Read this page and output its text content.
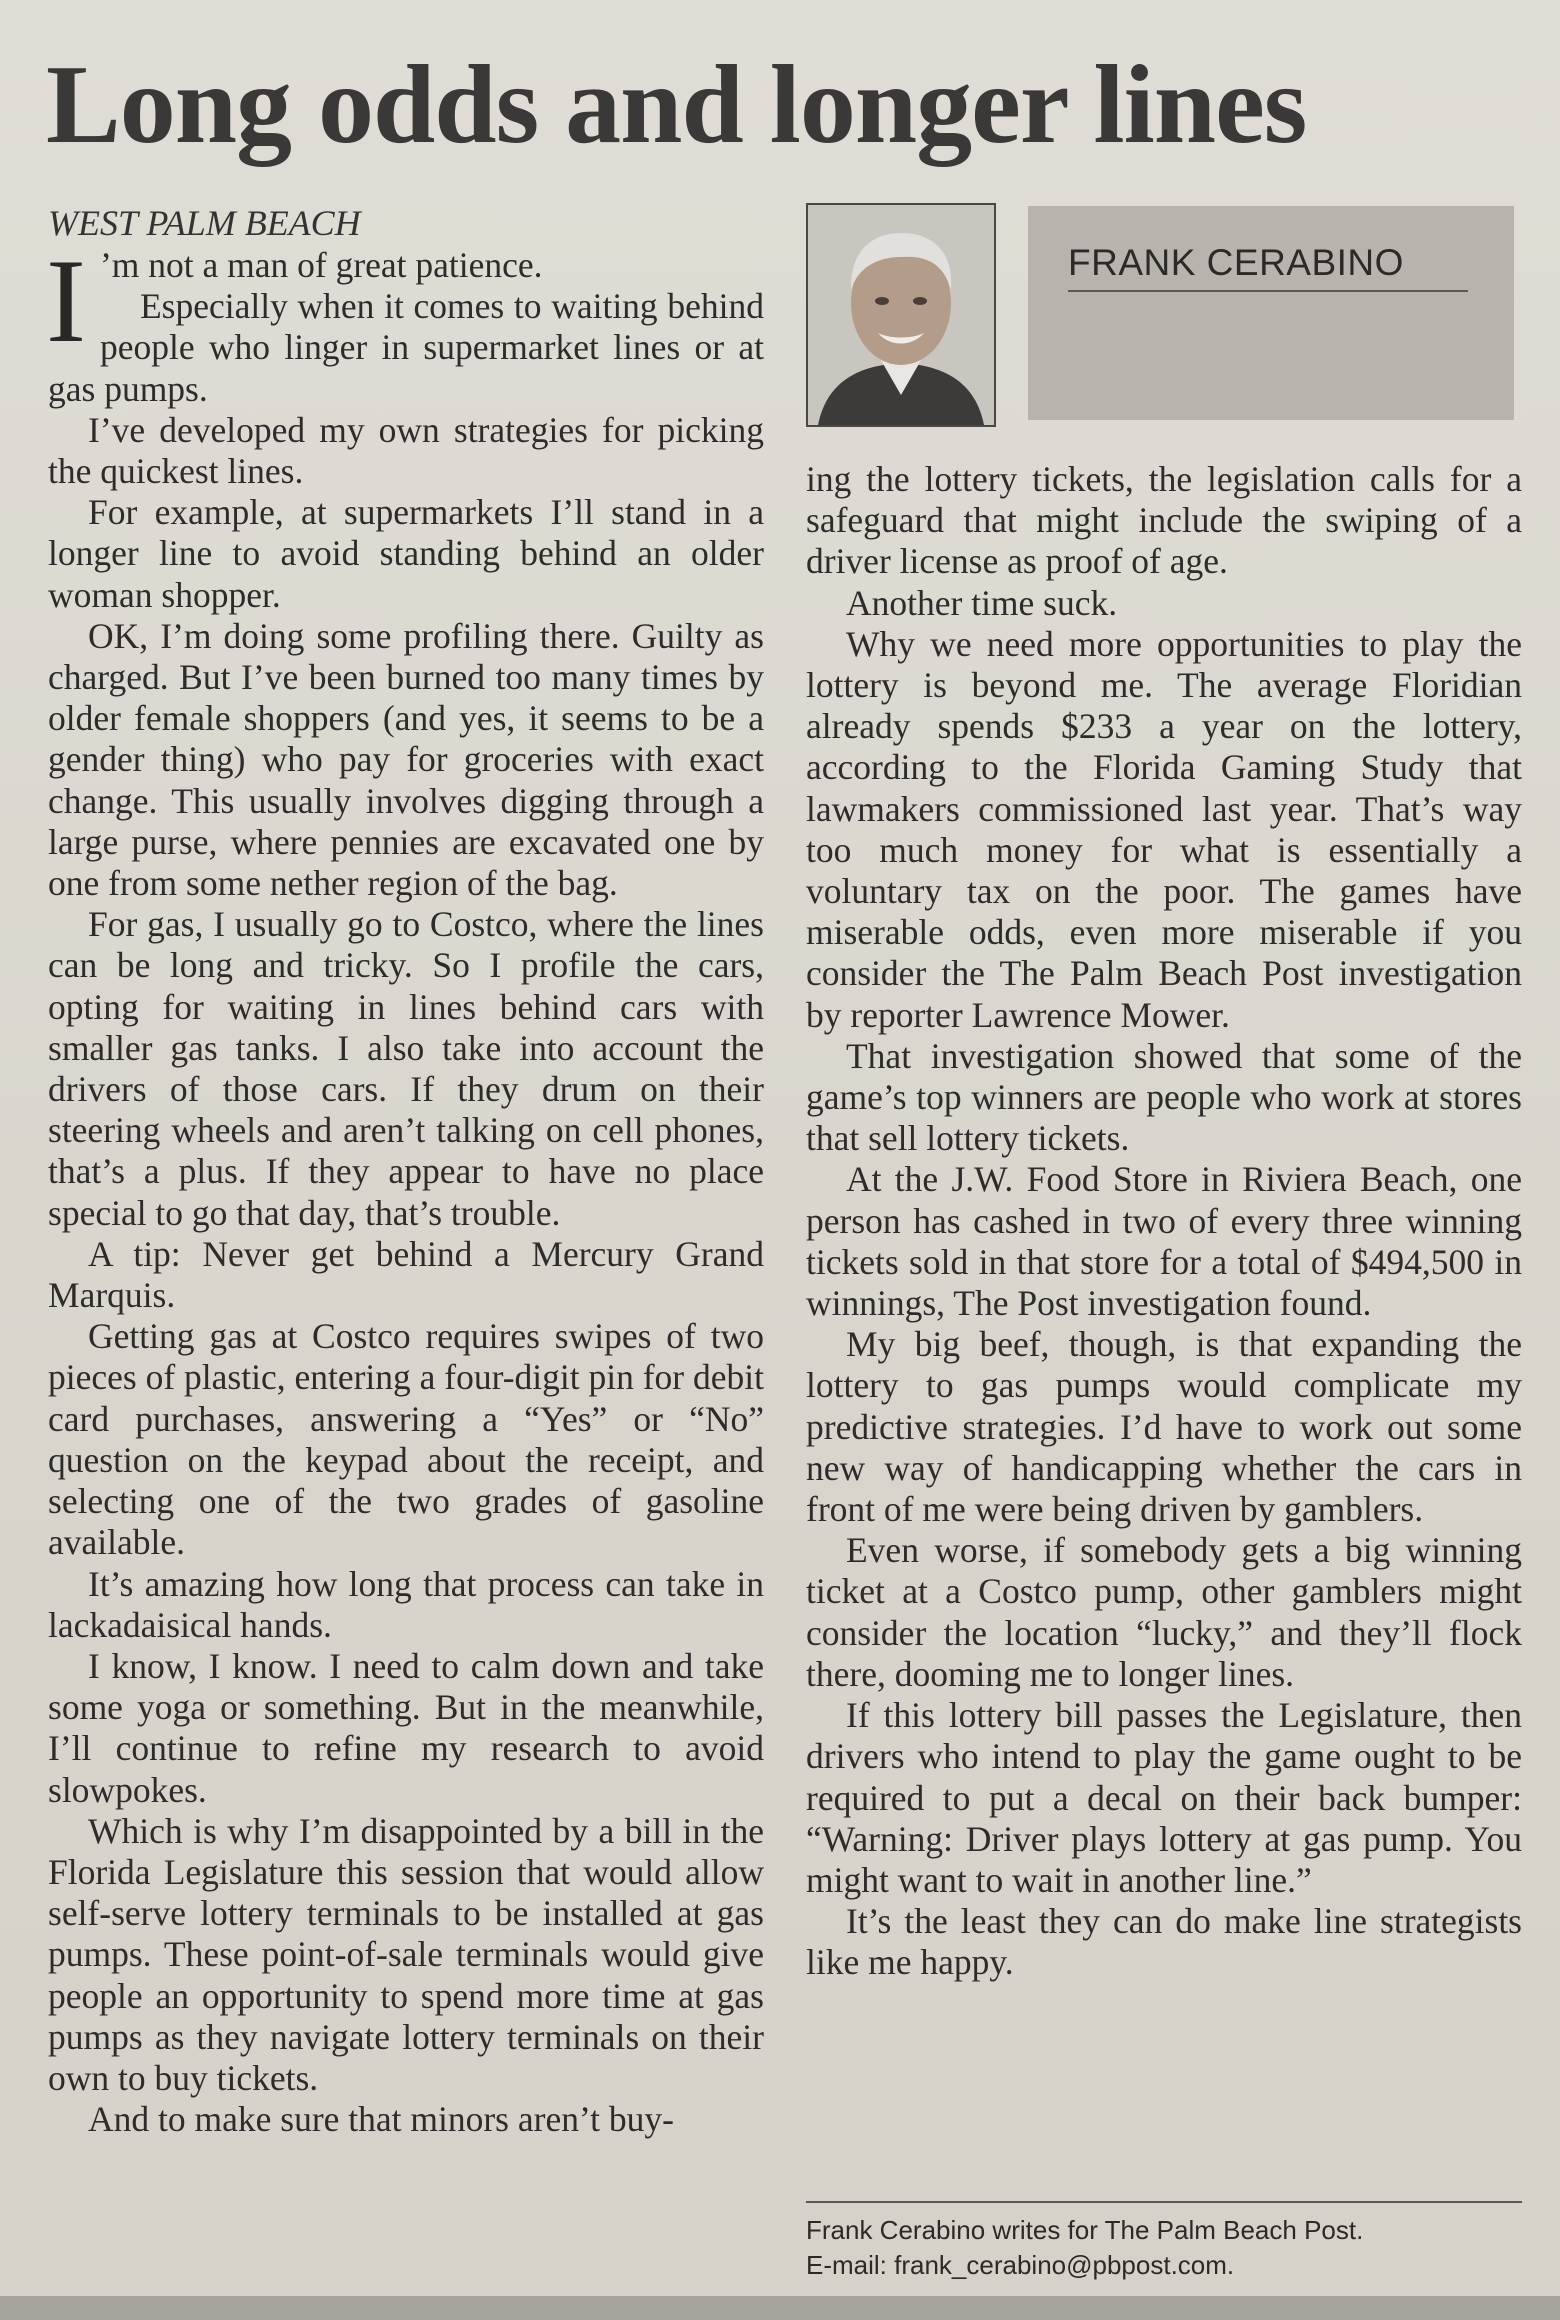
Long odds and longer lines
WEST PALM BEACH

I ’m not a man of great patience.

Especially when it comes to waiting behind people who linger in supermarket lines or at gas pumps.

I’ve developed my own strategies for picking the quickest lines.

For example, at supermarkets I’ll stand in a longer line to avoid standing behind an older woman shopper.

OK, I’m doing some profiling there. Guilty as charged. But I’ve been burned too many times by older female shoppers (and yes, it seems to be a gender thing) who pay for groceries with exact change. This usually involves digging through a large purse, where pennies are excavated one by one from some nether region of the bag.

For gas, I usually go to Costco, where the lines can be long and tricky. So I profile the cars, opting for waiting in lines behind cars with smaller gas tanks. I also take into account the drivers of those cars. If they drum on their steering wheels and aren’t talking on cell phones, that’s a plus. If they appear to have no place special to go that day, that’s trouble.

A tip: Never get behind a Mercury Grand Marquis.

Getting gas at Costco requires swipes of two pieces of plastic, entering a four-digit pin for debit card purchases, answering a “Yes” or “No” question on the keypad about the receipt, and selecting one of the two grades of gasoline available.

It’s amazing how long that process can take in lackadaisical hands.

I know, I know. I need to calm down and take some yoga or something. But in the meanwhile, I’ll continue to refine my research to avoid slowpokes.

Which is why I’m disappointed by a bill in the Florida Legislature this session that would allow self-serve lottery terminals to be installed at gas pumps. These point-of-sale terminals would give people an opportunity to spend more time at gas pumps as they navigate lottery terminals on their own to buy tickets.

And to make sure that minors aren’t buy-

FRANK CERABINO

ing the lottery tickets, the legislation calls for a safeguard that might include the swiping of a driver license as proof of age.

Another time suck.

Why we need more opportunities to play the lottery is beyond me. The average Floridian already spends $233 a year on the lottery, according to the Florida Gaming Study that lawmakers commissioned last year. That’s way too much money for what is essentially a voluntary tax on the poor. The games have miserable odds, even more miserable if you consider the The Palm Beach Post investigation by reporter Lawrence Mower.

That investigation showed that some of the game’s top winners are people who work at stores that sell lottery tickets.

At the J.W. Food Store in Riviera Beach, one person has cashed in two of every three winning tickets sold in that store for a total of $494,500 in winnings, The Post investigation found.

My big beef, though, is that expanding the lottery to gas pumps would complicate my predictive strategies. I’d have to work out some new way of handicapping whether the cars in front of me were being driven by gamblers.

Even worse, if somebody gets a big winning ticket at a Costco pump, other gamblers might consider the location “lucky,” and they’ll flock there, dooming me to longer lines.

If this lottery bill passes the Legislature, then drivers who intend to play the game ought to be required to put a decal on their back bumper: “Warning: Driver plays lottery at gas pump. You might want to wait in another line.”

It’s the least they can do make line strategists like me happy.

Frank Cerabino writes for The Palm Beach Post.
E-mail: frank_cerabino@pbpost.com.
